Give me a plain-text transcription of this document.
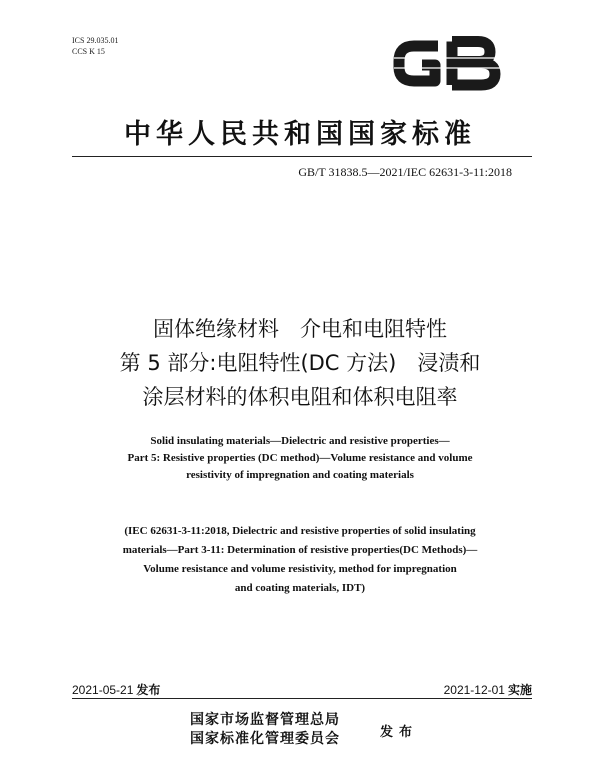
ICS 29.035.01
CCS K 15
中华人民共和国国家标准
GB/T 31838.5—2021/IEC 62631-3-11:2018
固体绝缘材料　介电和电阻特性
第 5 部分:电阻特性(DC 方法)　浸渍和
涂层材料的体积电阻和体积电阻率
Solid insulating materials—Dielectric and resistive properties—
Part 5: Resistive properties (DC method)—Volume resistance and volume
resistivity of impregnation and coating materials
(IEC 62631-3-11:2018, Dielectric and resistive properties of solid insulating
materials—Part 3-11: Determination of resistive properties(DC Methods)—
Volume resistance and volume resistivity, method for impregnation
and coating materials, IDT)
2021-05-21 发布	2021-12-01 实施
国家市场监督管理总局
国家标准化管理委员会	发布
